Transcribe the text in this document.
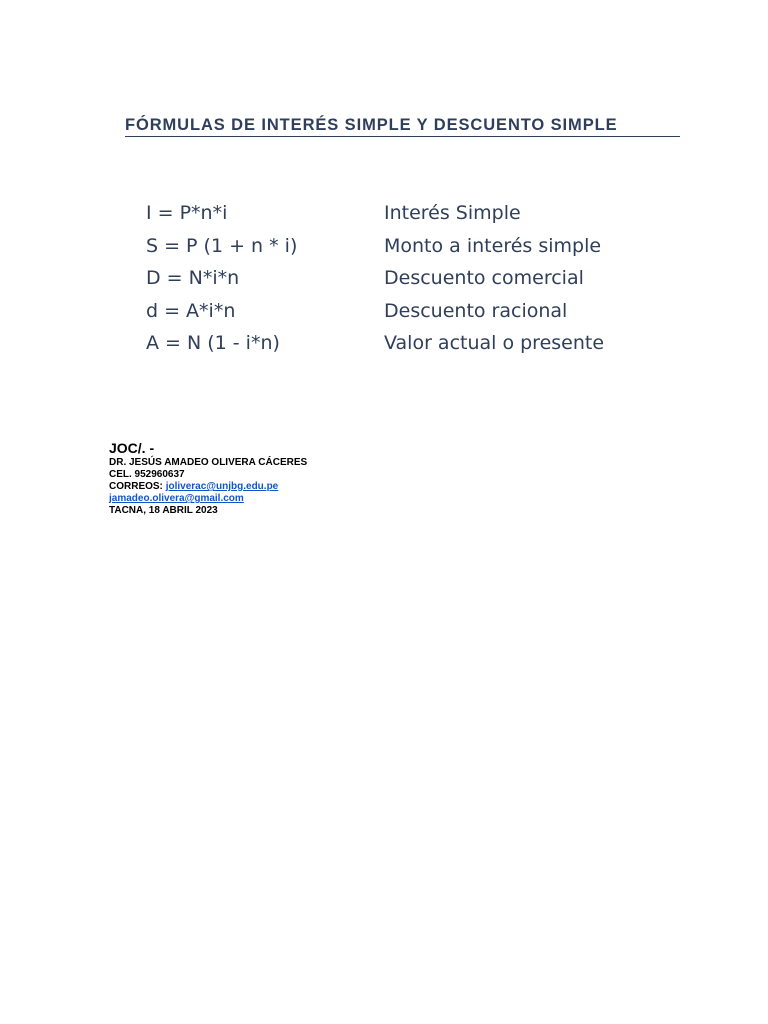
FÓRMULAS DE INTERÉS SIMPLE Y DESCUENTO SIMPLE
I = P*n*i	Interés Simple
S = P (1 + n * i)	Monto a interés simple
D = N*i*n	Descuento comercial
d = A*i*n	Descuento racional
A = N (1 - i*n)	Valor actual o presente
JOC/. -
DR. JESÚS AMADEO OLIVERA CÁCERES
CEL. 952960637
CORREOS: joliverac@unjbg.edu.pe
jamadeo.olivera@gmail.com
TACNA, 18 ABRIL 2023
